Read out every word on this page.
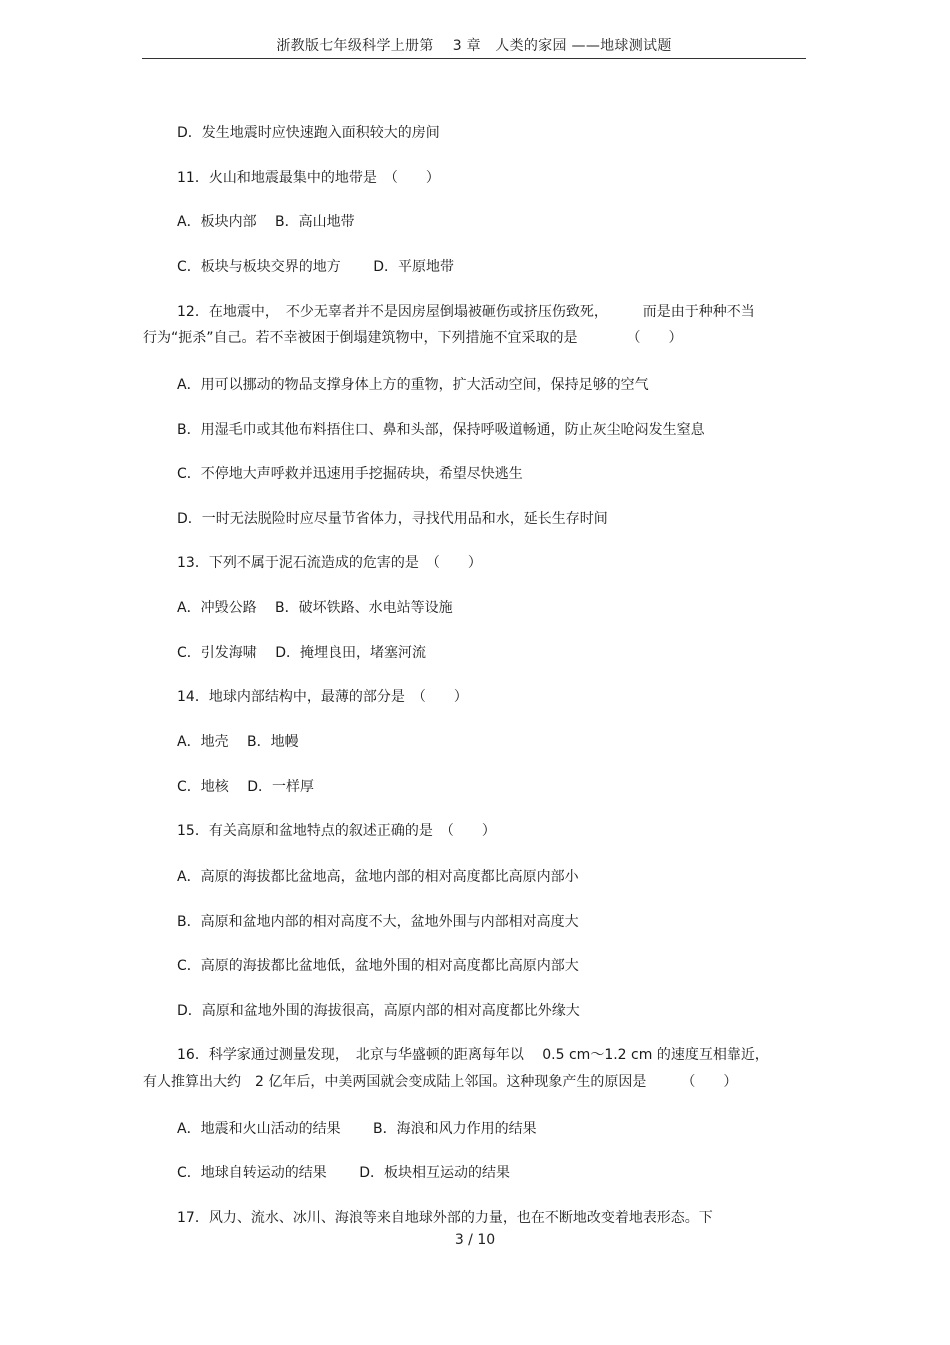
浙教版七年级科学上册第　 3 章　人类的家园 ——地球测试题
D．发生地震时应快速跑入面积较大的房间
11．火山和地震最集中的地带是　（　　）
A．板块内部　 B．高山地带
C．板块与板块交界的地方　　 D．平原地带
12．在地震中，　不少无辜者并不是因房屋倒塌被砸伤或挤压伤致死，　　　而是由于种种不当
行为“扼杀”自己。若不幸被困于倒塌建筑物中，下列措施不宜采取的是　　　　（　　）
A．用可以挪动的物品支撑身体上方的重物，扩大活动空间，保持足够的空气
B．用湿毛巾或其他布料捂住口、鼻和头部，保持呼吸道畅通，防止灰尘呛闷发生窒息
C．不停地大声呼救并迅速用手挖掘砖块，希望尽快逃生
D．一时无法脱险时应尽量节省体力，寻找代用品和水，延长生存时间
13．下列不属于泥石流造成的危害的是　（　　）
A．冲毁公路　 B．破坏铁路、水电站等设施
C．引发海啸　 D．掩埋良田，堵塞河流
14．地球内部结构中，最薄的部分是　（　　）
A．地壳　 B．地幔
C．地核　 D．一样厚
15．有关高原和盆地特点的叙述正确的是　（　　）
A．高原的海拔都比盆地高，盆地内部的相对高度都比高原内部小
B．高原和盆地内部的相对高度不大，盆地外围与内部相对高度大
C．高原的海拔都比盆地低，盆地外围的相对高度都比高原内部大
D．高原和盆地外围的海拔很高，高原内部的相对高度都比外缘大
16．科学家通过测量发现，　北京与华盛顿的距离每年以　 0.5 cm～1.2 cm 的速度互相靠近，
有人推算出大约　2 亿年后，中美两国就会变成陆上邻国。这种现象产生的原因是　　　（　　）
A．地震和火山活动的结果　　 B．海浪和风力作用的结果
C．地球自转运动的结果　　 D．板块相互运动的结果
17．风力、流水、冰川、海浪等来自地球外部的力量，也在不断地改变着地表形态。下
3 / 10
